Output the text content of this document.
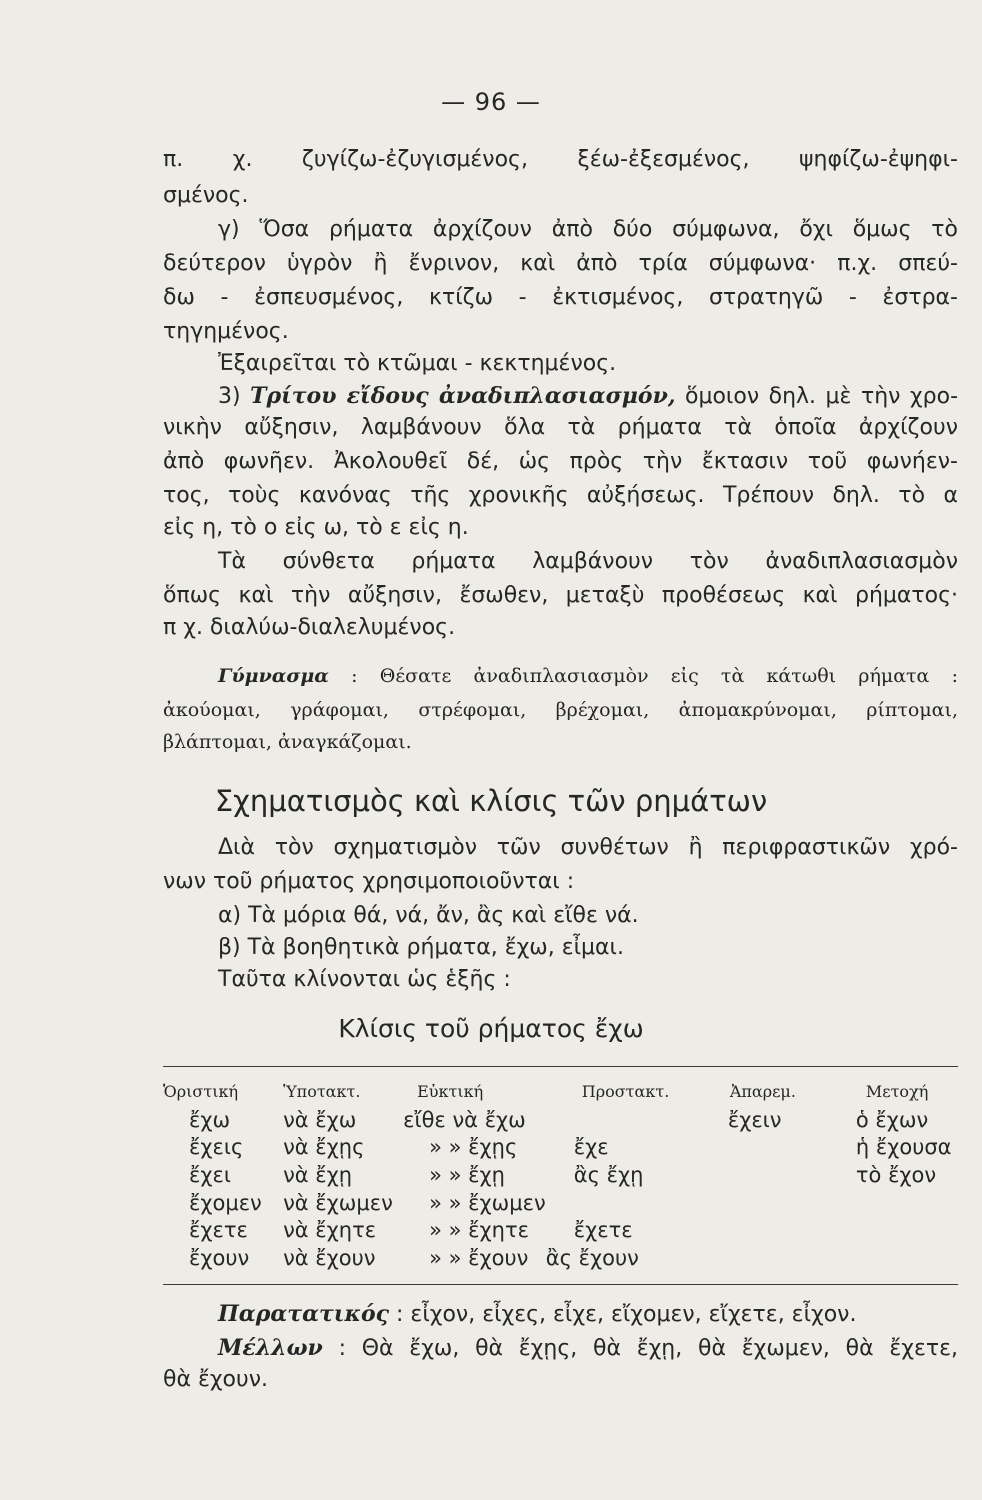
— 96 —
π. χ. ζυγίζω-ἐζυγισμένος, ξέω-ἐξεσμένος, ψηφίζω-ἐψηφι-
σμένος.
γ) Ὅσα ρήματα ἀρχίζουν ἀπὸ δύο σύμφωνα, ὄχι ὅμως τὸ
δεύτερον ὑγρὸν ἢ ἔνρινον, καὶ ἀπὸ τρία σύμφωνα· π.χ. σπεύ-
δω - ἐσπευσμένος, κτίζω - ἐκτισμένος, στρατηγῶ - ἐστρα-
τηγημένος.
Ἐξαιρεῖται τὸ κτῶμαι - κεκτημένος.
3) Τρίτου εἴδους ἀναδιπλασιασμόν, ὅμοιον δηλ. μὲ τὴν χρο-
νικὴν αὔξησιν, λαμβάνουν ὅλα τὰ ρήματα τὰ ὁποῖα ἀρχίζουν
ἀπὸ φωνῆεν. Ἀκολουθεῖ δέ, ὡς πρὸς τὴν ἔκτασιν τοῦ φωνήεν-
τος, τοὺς κανόνας τῆς χρονικῆς αὐξήσεως. Τρέπουν δηλ. τὸ α
εἰς η, τὸ ο εἰς ω, τὸ ε εἰς η.
Τὰ σύνθετα ρήματα λαμβάνουν τὸν ἀναδιπλασιασμὸν
ὅπως καὶ τὴν αὔξησιν, ἔσωθεν, μεταξὺ προθέσεως καὶ ρήματος·
π χ. διαλύω-διαλελυμένος.
Γύμνασμα : Θέσατε ἀναδιπλασιασμὸν εἰς τὰ κάτωθι ρήματα :
ἀκούομαι, γράφομαι, στρέφομαι, βρέχομαι, ἀπομακρύνομαι, ρίπτομαι,
βλάπτομαι, ἀναγκάζομαι.
Σχηματισμὸς καὶ κλίσις τῶν ρημάτων
Διὰ τὸν σχηματισμὸν τῶν συνθέτων ἢ περιφραστικῶν χρό-
νων τοῦ ρήματος χρησιμοποιοῦνται :
α) Τὰ μόρια θά, νά, ἄν, ἂς καὶ εἴθε νά.
β) Τὰ βοηθητικὰ ρήματα, ἔχω, εἶμαι.
Ταῦτα κλίνονται ὡς ἑξῆς :
Κλίσις τοῦ ρήματος ἔχω
Ὁριστική	Ὑποτακτ.	Εὐκτική	Προστακτ.	Ἀπαρεμ.	Μετοχή
ἔχω	νὰ ἔχω	εἴθε νὰ ἔχω		ἔχειν	ὁ ἔχων
ἔχεις	νὰ ἔχῃς	» » ἔχῃς	ἔχε		ἡ ἔχουσα
ἔχει	νὰ ἔχῃ	» » ἔχῃ	ἂς ἔχῃ		τὸ ἔχον
ἔχομεν	νὰ ἔχωμεν	» » ἔχωμεν			
ἔχετε	νὰ ἔχητε	» » ἔχητε	ἔχετε		
ἔχουν	νὰ ἔχουν	» » ἔχουν	ἂς ἔχουν		
Παρατατικός : εἶχον, εἶχες, εἶχε, εἴχομεν, εἴχετε, εἶχον.
Μέλλων : Θὰ ἔχω, θὰ ἔχῃς, θὰ ἔχῃ, θὰ ἔχωμεν, θὰ ἔχετε,
θὰ ἔχουν.
